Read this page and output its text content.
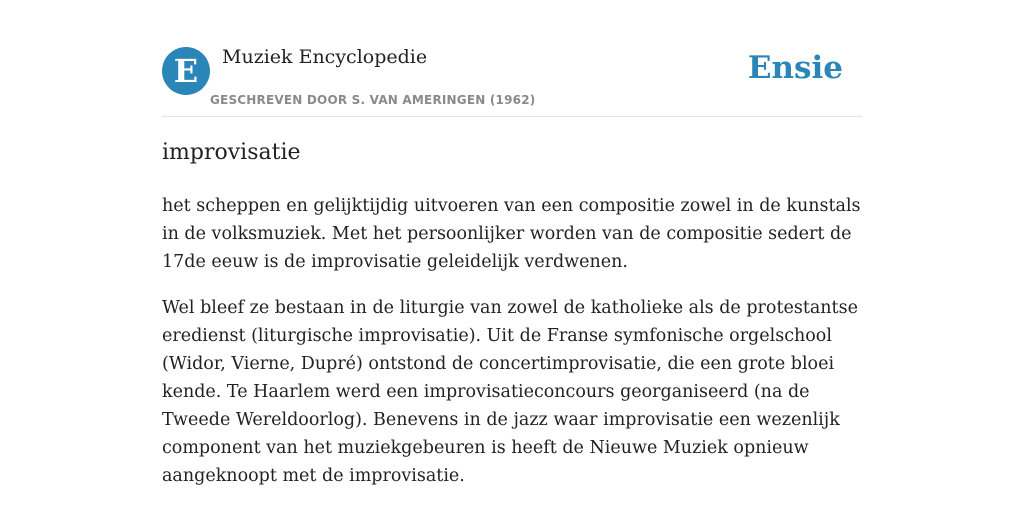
E	Muziek Encyclopedie
GESCHREVEN DOOR S. VAN AMERINGEN (1962)
Ensie
improvisatie

het scheppen en gelijktijdig uitvoeren van een compositie zowel in de kunstals in de volksmuziek. Met het persoonlijker worden van de compositie sedert de 17de eeuw is de improvisatie geleidelijk verdwenen.

Wel bleef ze bestaan in de liturgie van zowel de katholieke als de protestantse eredienst (liturgische improvisatie). Uit de Franse symfonische orgelschool (Widor, Vierne, Dupré) ontstond de concertimprovisatie, die een grote bloei kende. Te Haarlem werd een improvisatieconcours georganiseerd (na de Tweede Wereldoorlog). Benevens in de jazz waar improvisatie een wezenlijk component van het muziekgebeuren is heeft de Nieuwe Muziek opnieuw aangeknoopt met de improvisatie.
